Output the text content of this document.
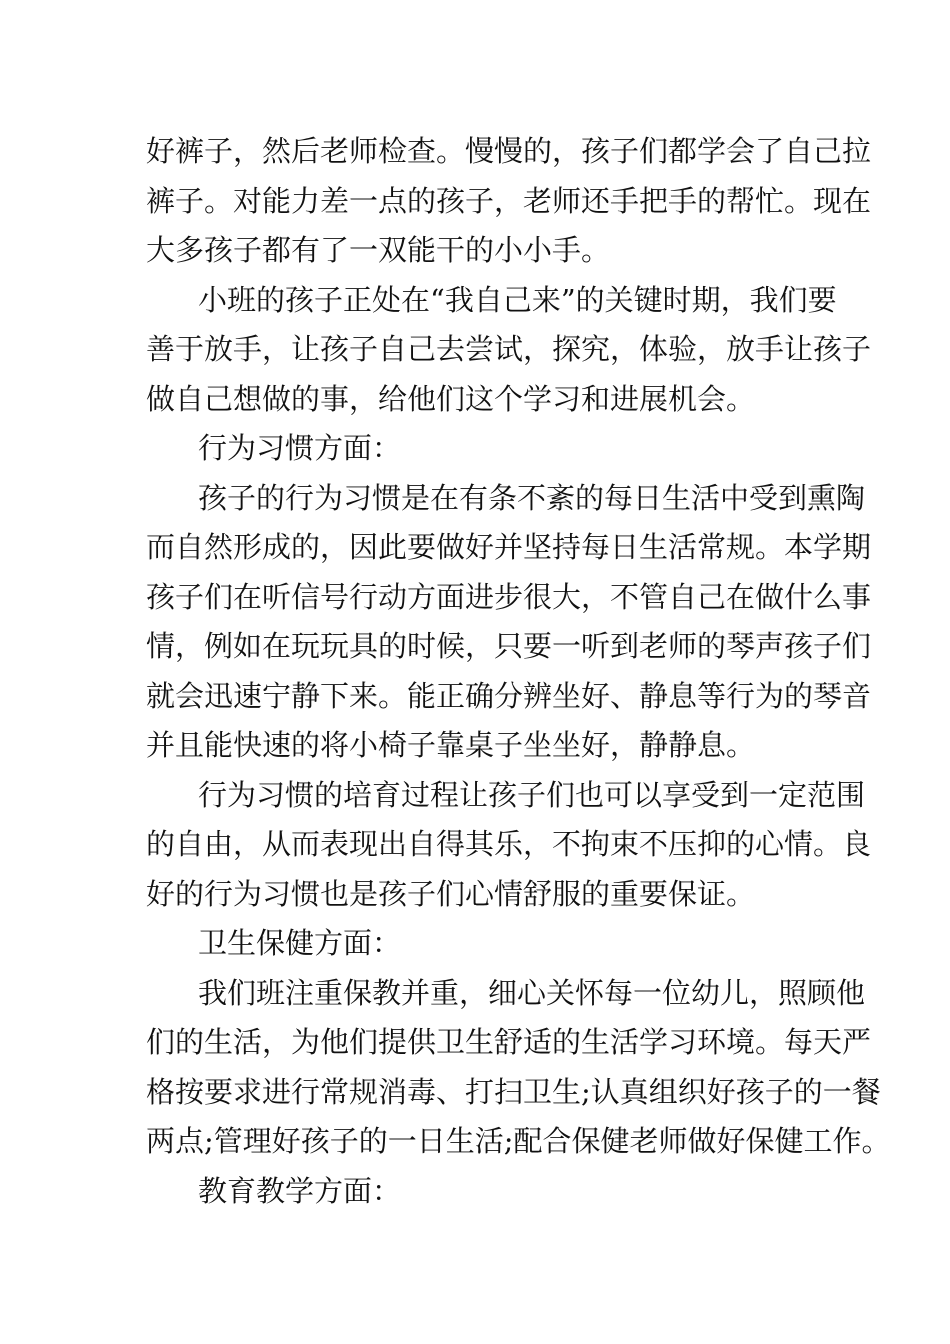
好裤子，然后老师检查。慢慢的，孩子们都学会了自己拉
裤子。对能力差一点的孩子，老师还手把手的帮忙。现在
大多孩子都有了一双能干的小小手。
小班的孩子正处在“我自己来”的关键时期，我们要
善于放手，让孩子自己去尝试，探究，体验，放手让孩子
做自己想做的事，给他们这个学习和进展机会。
行为习惯方面：
孩子的行为习惯是在有条不紊的每日生活中受到熏陶
而自然形成的，因此要做好并坚持每日生活常规。本学期
孩子们在听信号行动方面进步很大，不管自己在做什么事
情，例如在玩玩具的时候，只要一听到老师的琴声孩子们
就会迅速宁静下来。能正确分辨坐好、静息等行为的琴音
并且能快速的将小椅子靠桌子坐坐好，静静息。
行为习惯的培育过程让孩子们也可以享受到一定范围
的自由，从而表现出自得其乐，不拘束不压抑的心情。良
好的行为习惯也是孩子们心情舒服的重要保证。
卫生保健方面：
我们班注重保教并重，细心关怀每一位幼儿，照顾他
们的生活，为他们提供卫生舒适的生活学习环境。每天严
格按要求进行常规消毒、打扫卫生;认真组织好孩子的一餐
两点;管理好孩子的一日生活;配合保健老师做好保健工作。
教育教学方面：
